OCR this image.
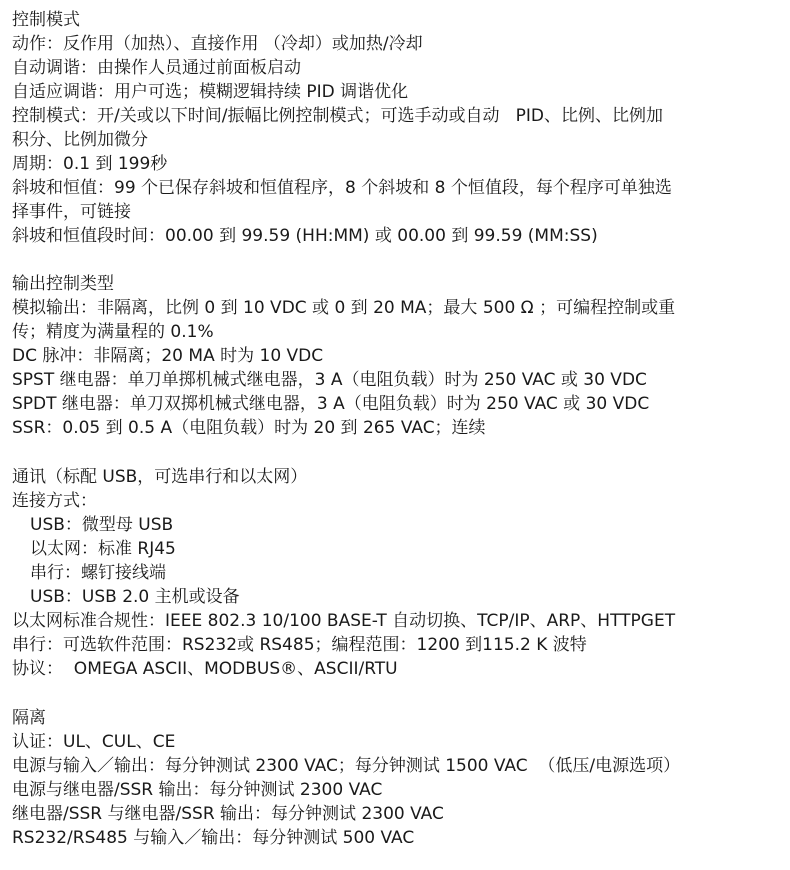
控制模式
动作：反作用（加热）、直接作用 （冷却）或加热/冷却
自动调谐：由操作人员通过前面板启动
自适应调谐：用户可选；模糊逻辑持续 PID 调谐优化
控制模式：开/关或以下时间/振幅比例控制模式；可选手动或自动   PID、比例、比例加
积分、比例加微分
周期：0.1 到 199秒
斜坡和恒值：99 个已保存斜坡和恒值程序，8 个斜坡和 8 个恒值段，每个程序可单独选
择事件，可链接
斜坡和恒值段时间：00.00 到 99.59 (HH:MM) 或 00.00 到 99.59 (MM:SS)
输出控制类型
模拟输出：非隔离，比例 0 到 10 VDC 或 0 到 20 MA；最大 500 Ω ；可编程控制或重
传；精度为满量程的 0.1%
DC 脉冲：非隔离；20 MA 时为 10 VDC
SPST 继电器：单刀单掷机械式继电器，3 A（电阻负载）时为 250 VAC 或 30 VDC
SPDT 继电器：单刀双掷机械式继电器，3 A（电阻负载）时为 250 VAC 或 30 VDC
SSR：0.05 到 0.5 A（电阻负载）时为 20 到 265 VAC；连续
通讯（标配 USB，可选串行和以太网）
连接方式：
USB：微型母 USB
以太网：标准 RJ45
串行：螺钉接线端
USB：USB 2.0 主机或设备
以太网标准合规性：IEEE 802.3 10/100 BASE-T 自动切换、TCP/IP、ARP、HTTPGET
串行：可选软件范围：RS232或 RS485；编程范围：1200 到115.2 K 波特
协议：  OMEGA ASCII、MODBUS®、ASCII/RTU
隔离
认证：UL、CUL、CE
电源与输入／输出：每分钟测试 2300 VAC；每分钟测试 1500 VAC  （低压/电源选项）
电源与继电器/SSR 输出：每分钟测试 2300 VAC
继电器/SSR 与继电器/SSR 输出：每分钟测试 2300 VAC
RS232/RS485 与输入／输出：每分钟测试 500 VAC
